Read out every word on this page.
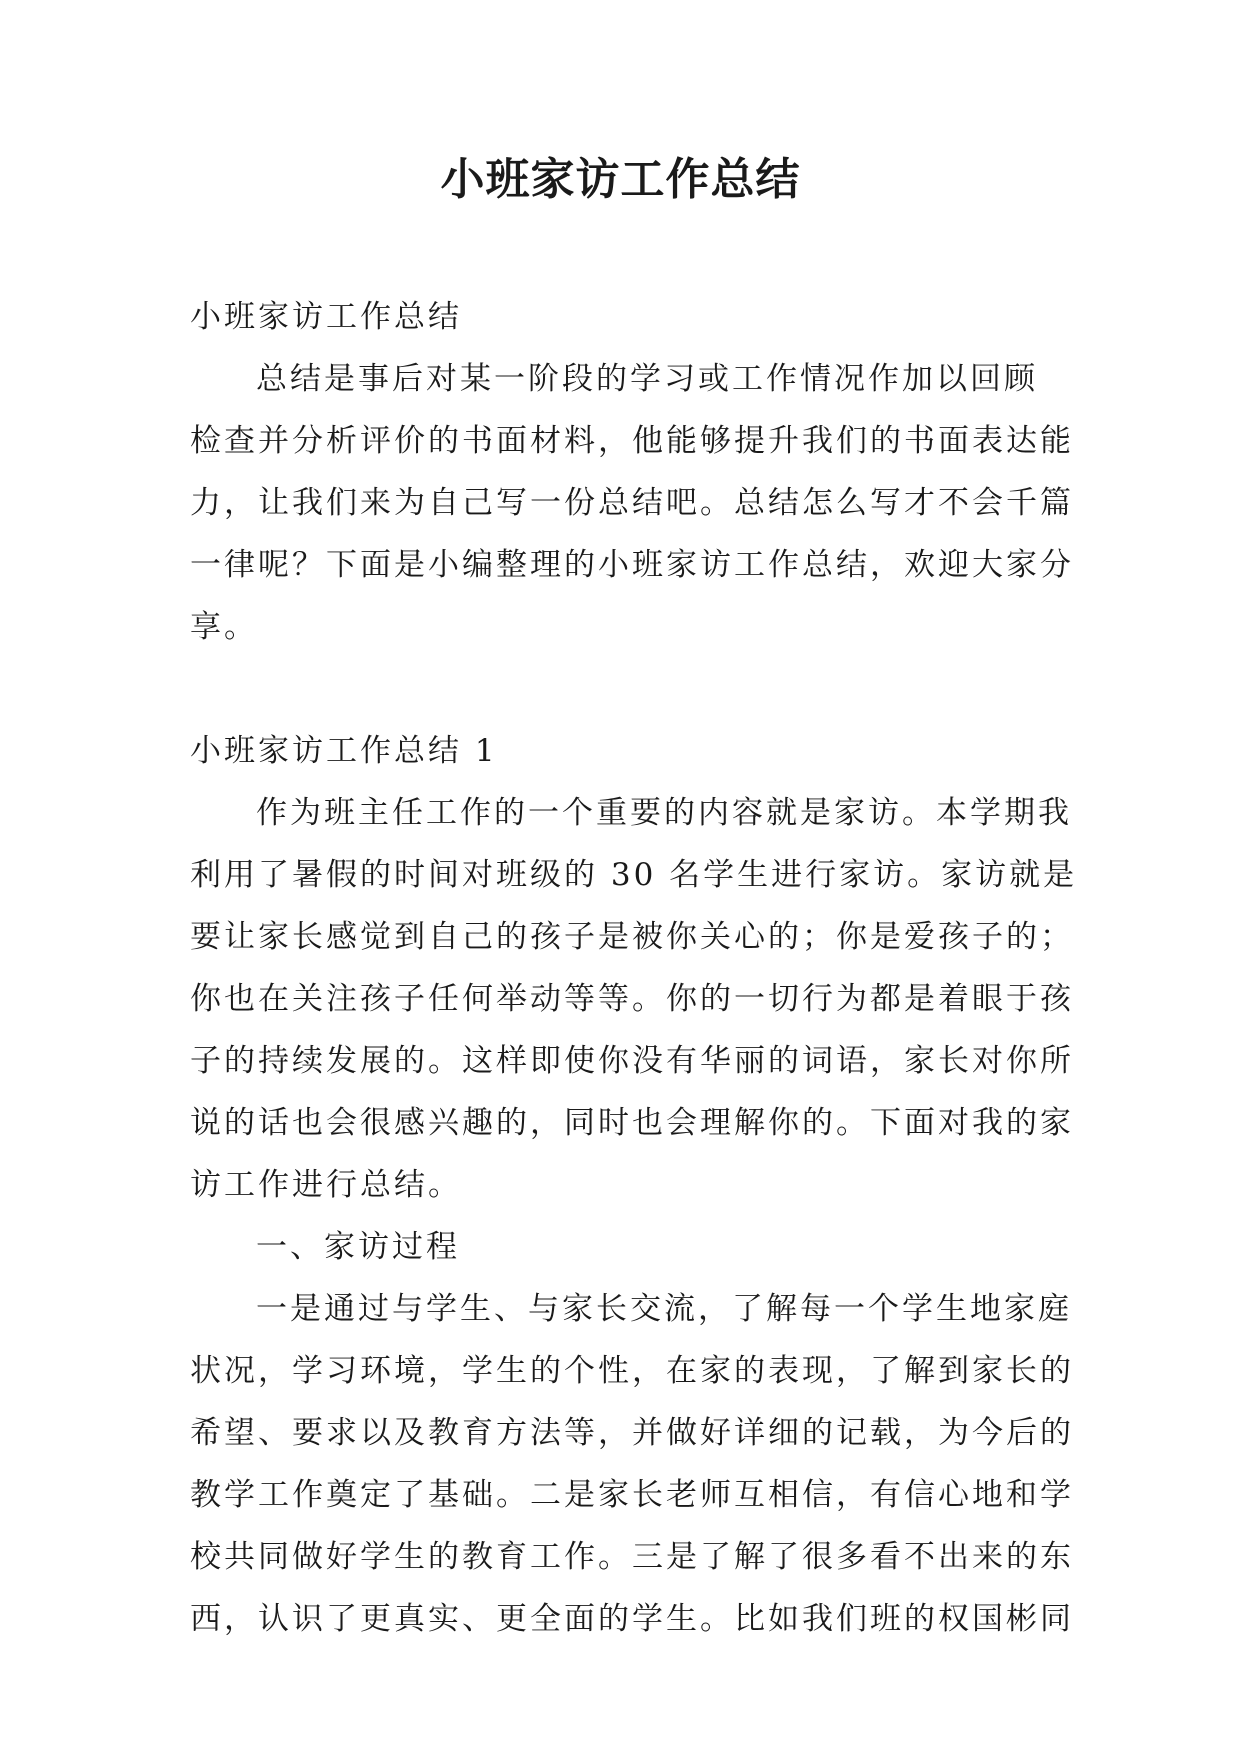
小班家访工作总结
小班家访工作总结
总结是事后对某一阶段的学习或工作情况作加以回顾
检查并分析评价的书面材料，他能够提升我们的书面表达能
力，让我们来为自己写一份总结吧。总结怎么写才不会千篇
一律呢？下面是小编整理的小班家访工作总结，欢迎大家分
享。
小班家访工作总结 1
作为班主任工作的一个重要的内容就是家访。本学期我
利用了暑假的时间对班级的 30 名学生进行家访。家访就是
要让家长感觉到自己的孩子是被你关心的；你是爱孩子的；
你也在关注孩子任何举动等等。你的一切行为都是着眼于孩
子的持续发展的。这样即使你没有华丽的词语，家长对你所
说的话也会很感兴趣的，同时也会理解你的。下面对我的家
访工作进行总结。
一、家访过程
一是通过与学生、与家长交流，了解每一个学生地家庭
状况，学习环境，学生的个性，在家的表现，了解到家长的
希望、要求以及教育方法等，并做好详细的记载，为今后的
教学工作奠定了基础。二是家长老师互相信，有信心地和学
校共同做好学生的教育工作。三是了解了很多看不出来的东
西，认识了更真实、更全面的学生。比如我们班的权国彬同
